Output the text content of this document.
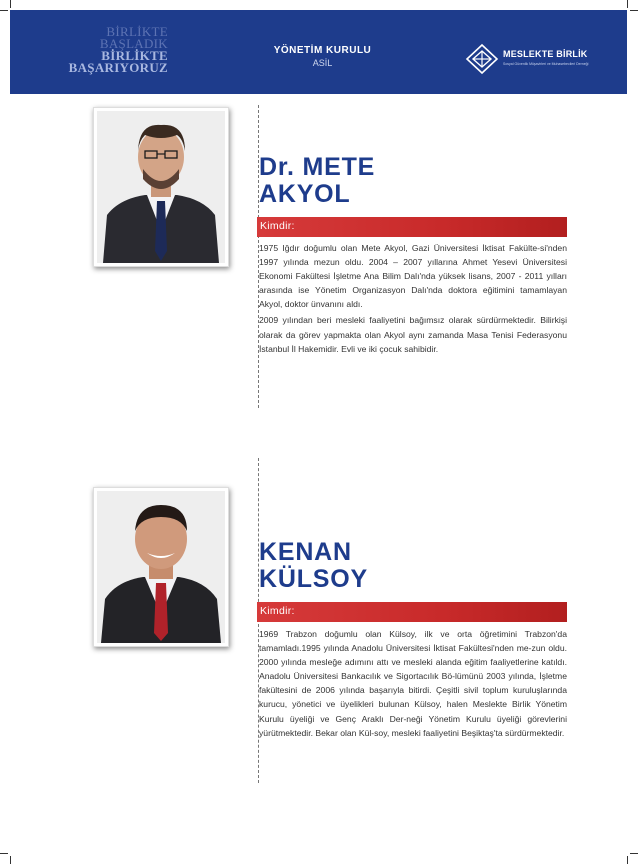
BİRLİKTE
BAŞLADIK
BİRLİKTE
BAŞARIYORUZ
YÖNETİM KURULU
ASİL
MESLEKTE BİRLİK
Sosyal Güvenlik Müşavirleri ve Muhasebecileri Derneği
Dr. METE
AKYOL
Kimdir:

1975 Iğdır doğumlu olan Mete Akyol, Gazi Üniversitesi İktisat Fakülte-si'nden 1997 yılında mezun oldu. 2004 – 2007 yıllarına Ahmet Yesevi Üniversitesi Ekonomi Fakültesi İşletme Ana Bilim Dalı'nda yüksek lisans, 2007 - 2011 yılları arasında ise Yönetim Organizasyon Dalı'nda doktora eğitimini tamamlayan Akyol, doktor ünvanını aldı.

2009 yılından beri mesleki faaliyetini bağımsız olarak sürdürmektedir. Bilirkişi olarak da görev yapmakta olan Akyol aynı zamanda Masa Tenisi Federasyonu İstanbul İl Hakemidir. Evli ve iki çocuk sahibidir.

KENAN
KÜLSOY
Kimdir:

1969 Trabzon doğumlu olan Külsoy, ilk ve orta öğretimini Trabzon'da tamamladı.1995 yılında Anadolu Üniversitesi İktisat Fakültesi'nden me-zun oldu. 2000 yılında mesleğe adımını attı ve mesleki alanda eğitim faaliyetlerine katıldı. Anadolu Üniversitesi Bankacılık ve Sigortacılık Bö-lümünü 2003 yılında, İşletme fakültesini de 2006 yılında başarıyla bitirdi. Çeşitli sivil toplum kuruluşlarında kurucu, yönetici ve üyelikleri bulunan Külsoy, halen Meslekte Birlik Yönetim Kurulu üyeliği ve Genç Araklı Der-neği Yönetim Kurulu üyeliği görevlerini yürütmektedir. Bekar olan Kül-soy, mesleki faaliyetini Beşiktaş'ta sürdürmektedir.
